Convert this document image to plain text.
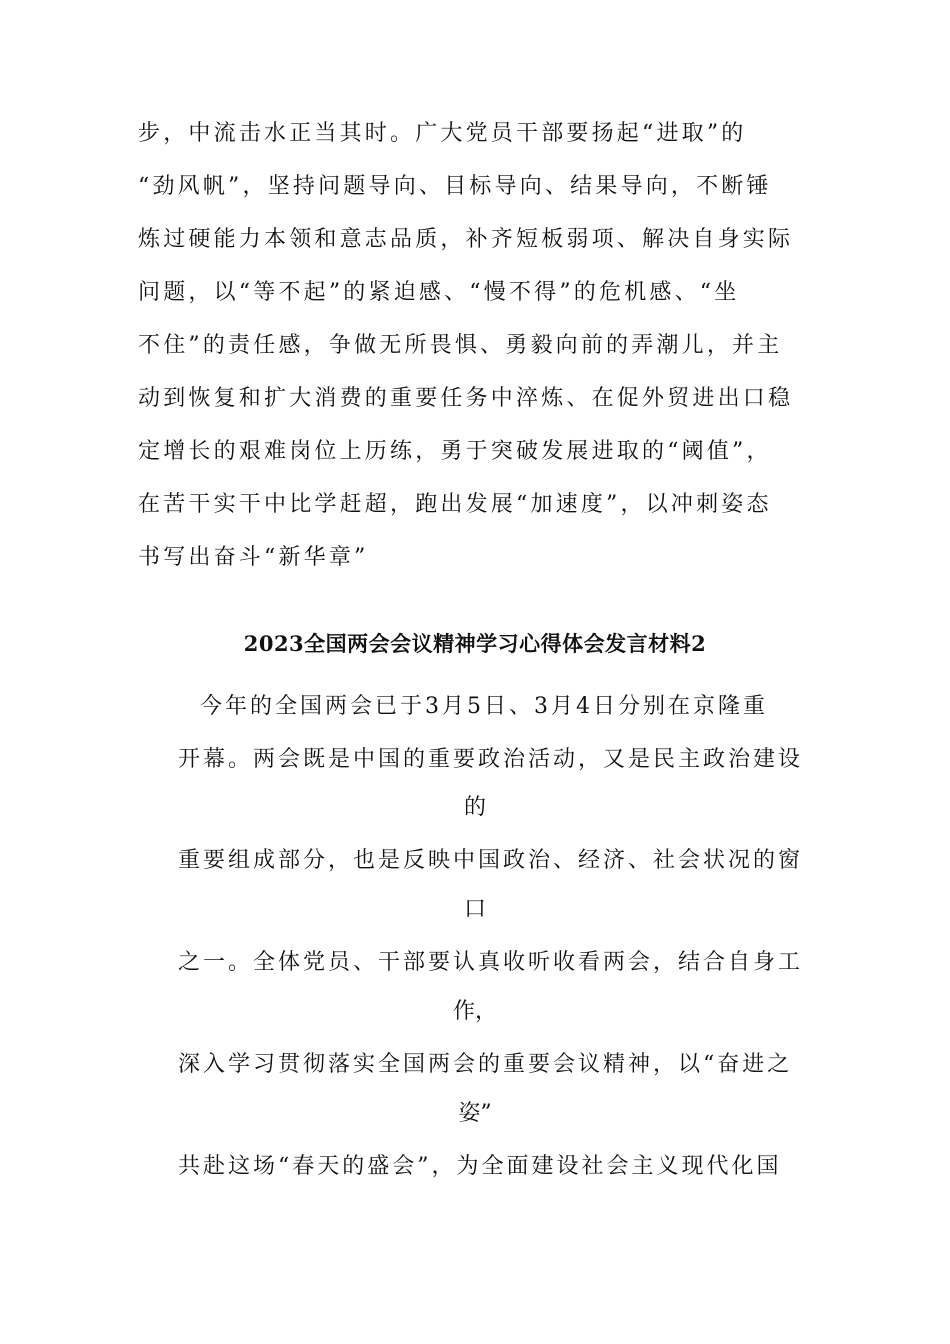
步，中流击水正当其时。广大党员干部要扬起“进取”的
“劲风帆”，坚持问题导向、目标导向、结果导向，不断锤
炼过硬能力本领和意志品质，补齐短板弱项、解决自身实际
问题，以“等不起”的紧迫感、“慢不得”的危机感、“坐
不住”的责任感，争做无所畏惧、勇毅向前的弄潮儿，并主
动到恢复和扩大消费的重要任务中淬炼、在促外贸进出口稳
定增长的艰难岗位上历练，勇于突破发展进取的“阈值”，
在苦干实干中比学赶超，跑出发展“加速度”，以冲刺姿态
书写出奋斗“新华章”
2023全国两会会议精神学习心得体会发言材料2
今年的全国两会已于3月5日、3月4日分别在京隆重
开幕。两会既是中国的重要政治活动，又是民主政治建设
的
重要组成部分，也是反映中国政治、经济、社会状况的窗
口
之一。全体党员、干部要认真收听收看两会，结合自身工
作，
深入学习贯彻落实全国两会的重要会议精神，以“奋进之
姿”
共赴这场“春天的盛会”，为全面建设社会主义现代化国
